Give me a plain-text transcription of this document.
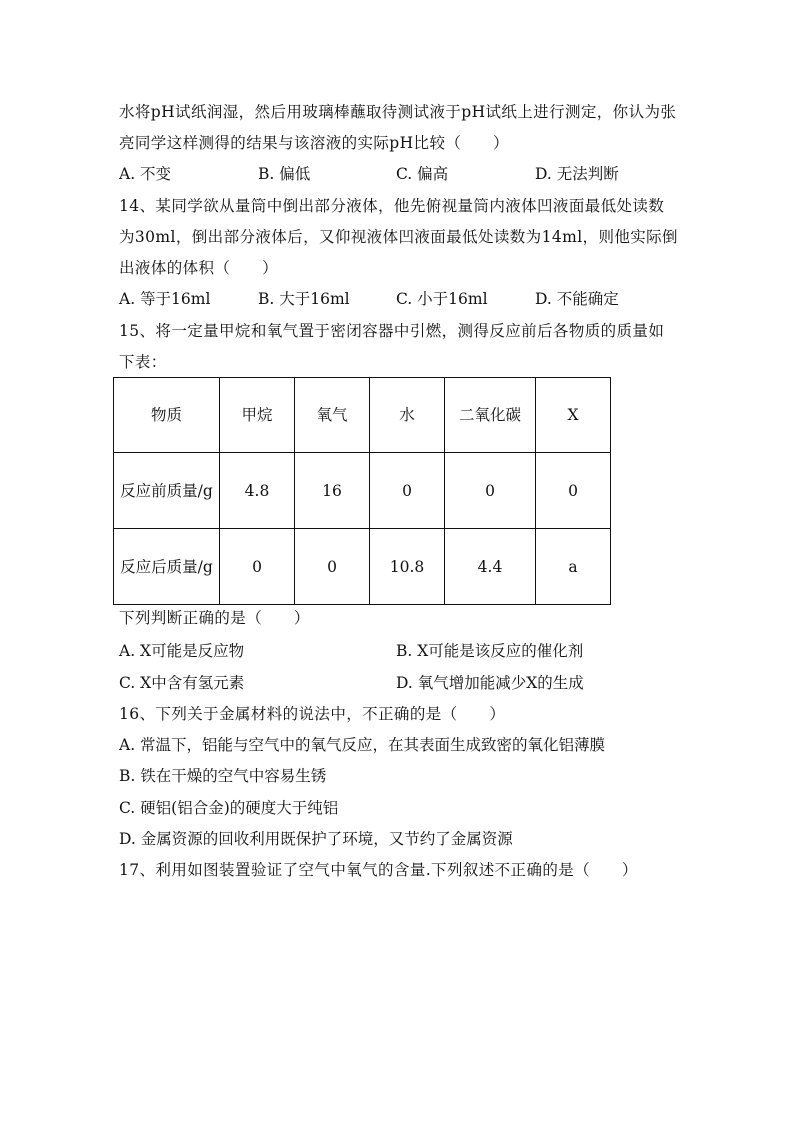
水将pH试纸润湿，然后用玻璃棒蘸取待测试液于pH试纸上进行测定，你认为张
亮同学这样测得的结果与该溶液的实际pH比较（　　）
A. 不变	B. 偏低	C. 偏高	D. 无法判断
14、某同学欲从量筒中倒出部分液体，他先俯视量筒内液体凹液面最低处读数
为30ml，倒出部分液体后，又仰视液体凹液面最低处读数为14ml，则他实际倒
出液体的体积（　　）
A. 等于16ml	B. 大于16ml	C. 小于16ml	D. 不能确定
15、将一定量甲烷和氧气置于密闭容器中引燃，测得反应前后各物质的质量如
下表：
物质	甲烷	氧气	水	二氧化碳	X
反应前质量/g	4.8	16	0	0	0
反应后质量/g	0	0	10.8	4.4	a
下列判断正确的是（　　）
A. X可能是反应物	B. X可能是该反应的催化剂
C. X中含有氢元素	D. 氧气增加能减少X的生成
16、下列关于金属材料的说法中，不正确的是（　　）
A. 常温下，铝能与空气中的氧气反应，在其表面生成致密的氧化铝薄膜
B. 铁在干燥的空气中容易生锈
C. 硬铝(铝合金)的硬度大于纯铝
D. 金属资源的回收利用既保护了环境，又节约了金属资源
17、利用如图装置验证了空气中氧气的含量.下列叙述不正确的是（　　）
